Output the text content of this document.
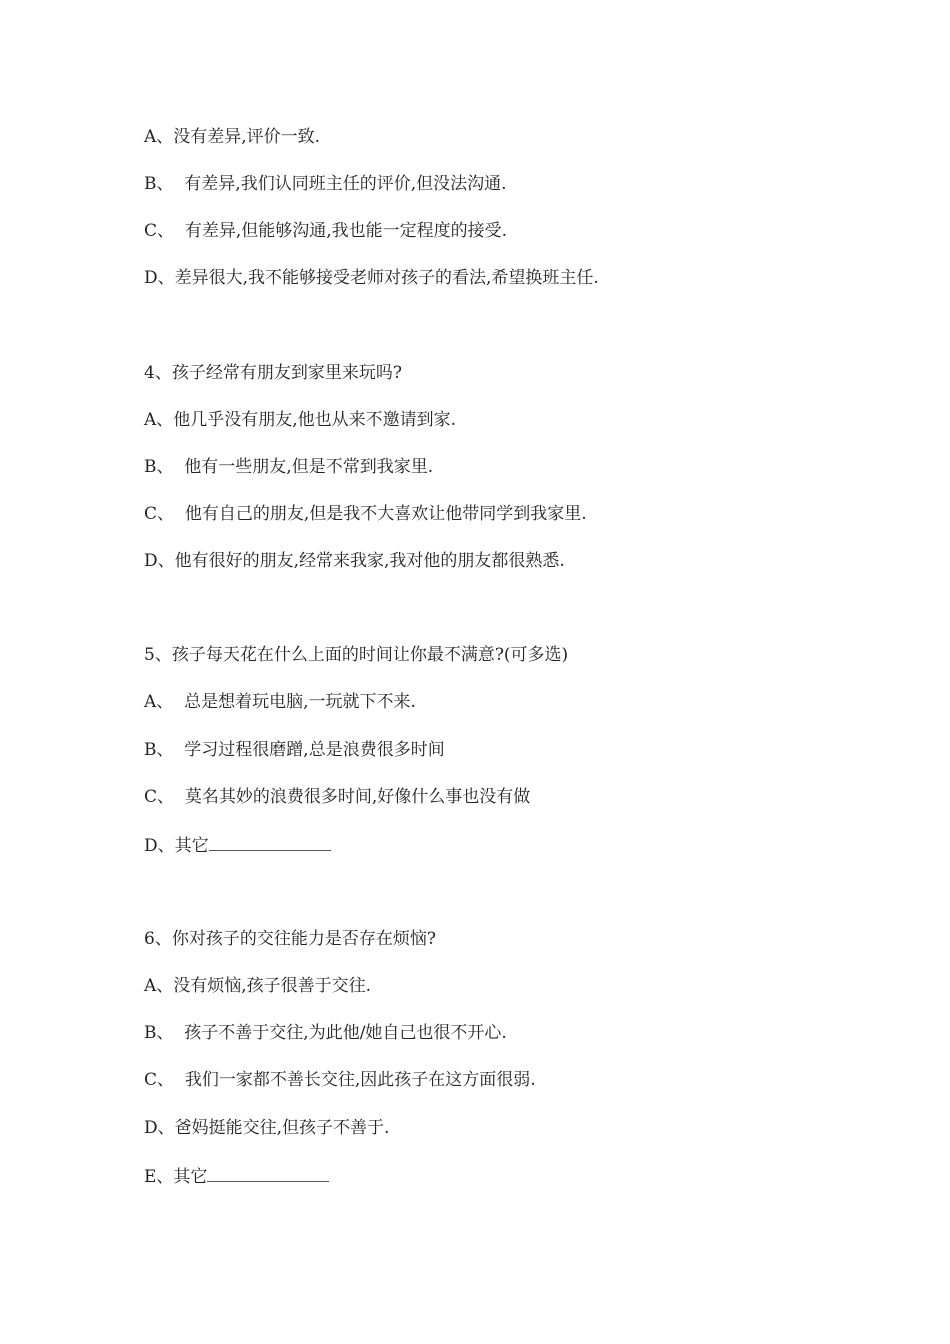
A、没有差异,评价一致.
B、  有差异,我们认同班主任的评价,但没法沟通.
C、  有差异,但能够沟通,我也能一定程度的接受.
D、差异很大,我不能够接受老师对孩子的看法,希望换班主任.
4、孩子经常有朋友到家里来玩吗?
A、他几乎没有朋友,他也从来不邀请到家.
B、  他有一些朋友,但是不常到我家里.
C、  他有自己的朋友,但是我不大喜欢让他带同学到我家里.
D、他有很好的朋友,经常来我家,我对他的朋友都很熟悉.
5、孩子每天花在什么上面的时间让你最不满意?(可多选)
A、  总是想着玩电脑,一玩就下不来.
B、  学习过程很磨蹭,总是浪费很多时间
C、  莫名其妙的浪费很多时间,好像什么事也没有做
D、其它
6、你对孩子的交往能力是否存在烦恼?
A、没有烦恼,孩子很善于交往.
B、  孩子不善于交往,为此他/她自己也很不开心.
C、  我们一家都不善长交往,因此孩子在这方面很弱.
D、爸妈挺能交往,但孩子不善于.
E、其它
